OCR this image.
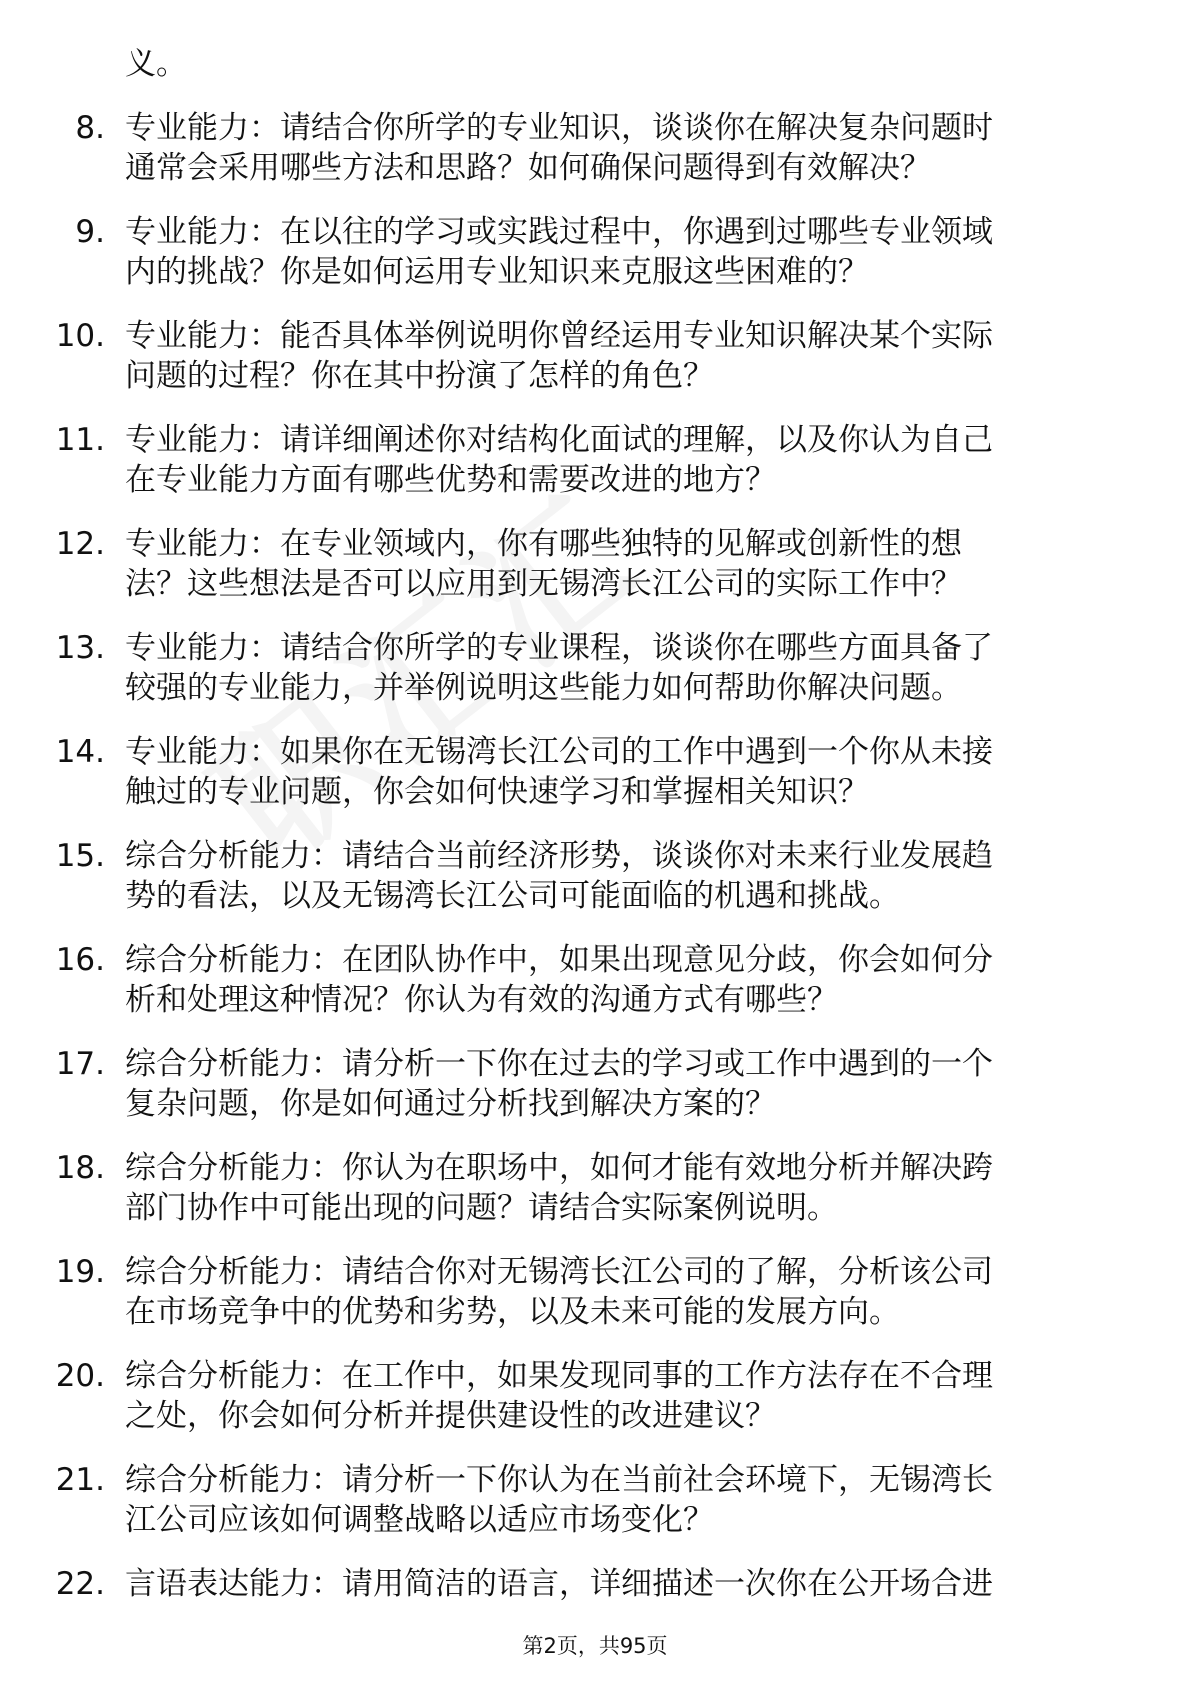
义。
8. 专业能力：请结合你所学的专业知识，谈谈你在解决复杂问题时
通常会采用哪些方法和思路？如何确保问题得到有效解决？
9. 专业能力：在以往的学习或实践过程中，你遇到过哪些专业领域
内的挑战？你是如何运用专业知识来克服这些困难的？
10. 专业能力：能否具体举例说明你曾经运用专业知识解决某个实际
问题的过程？你在其中扮演了怎样的角色？
11. 专业能力：请详细阐述你对结构化面试的理解，以及你认为自己
在专业能力方面有哪些优势和需要改进的地方？
12. 专业能力：在专业领域内，你有哪些独特的见解或创新性的想
法？这些想法是否可以应用到无锡湾长江公司的实际工作中？
13. 专业能力：请结合你所学的专业课程，谈谈你在哪些方面具备了
较强的专业能力，并举例说明这些能力如何帮助你解决问题。
14. 专业能力：如果你在无锡湾长江公司的工作中遇到一个你从未接
触过的专业问题，你会如何快速学习和掌握相关知识？
15. 综合分析能力：请结合当前经济形势，谈谈你对未来行业发展趋
势的看法，以及无锡湾长江公司可能面临的机遇和挑战。
16. 综合分析能力：在团队协作中，如果出现意见分歧，你会如何分
析和处理这种情况？你认为有效的沟通方式有哪些？
17. 综合分析能力：请分析一下你在过去的学习或工作中遇到的一个
复杂问题，你是如何通过分析找到解决方案的？
18. 综合分析能力：你认为在职场中，如何才能有效地分析并解决跨
部门协作中可能出现的问题？请结合实际案例说明。
19. 综合分析能力：请结合你对无锡湾长江公司的了解，分析该公司
在市场竞争中的优势和劣势，以及未来可能的发展方向。
20. 综合分析能力：在工作中，如果发现同事的工作方法存在不合理
之处，你会如何分析并提供建设性的改进建议？
21. 综合分析能力：请分析一下你认为在当前社会环境下，无锡湾长
江公司应该如何调整战略以适应市场变化？
22. 言语表达能力：请用简洁的语言，详细描述一次你在公开场合进
第2页，共95页
